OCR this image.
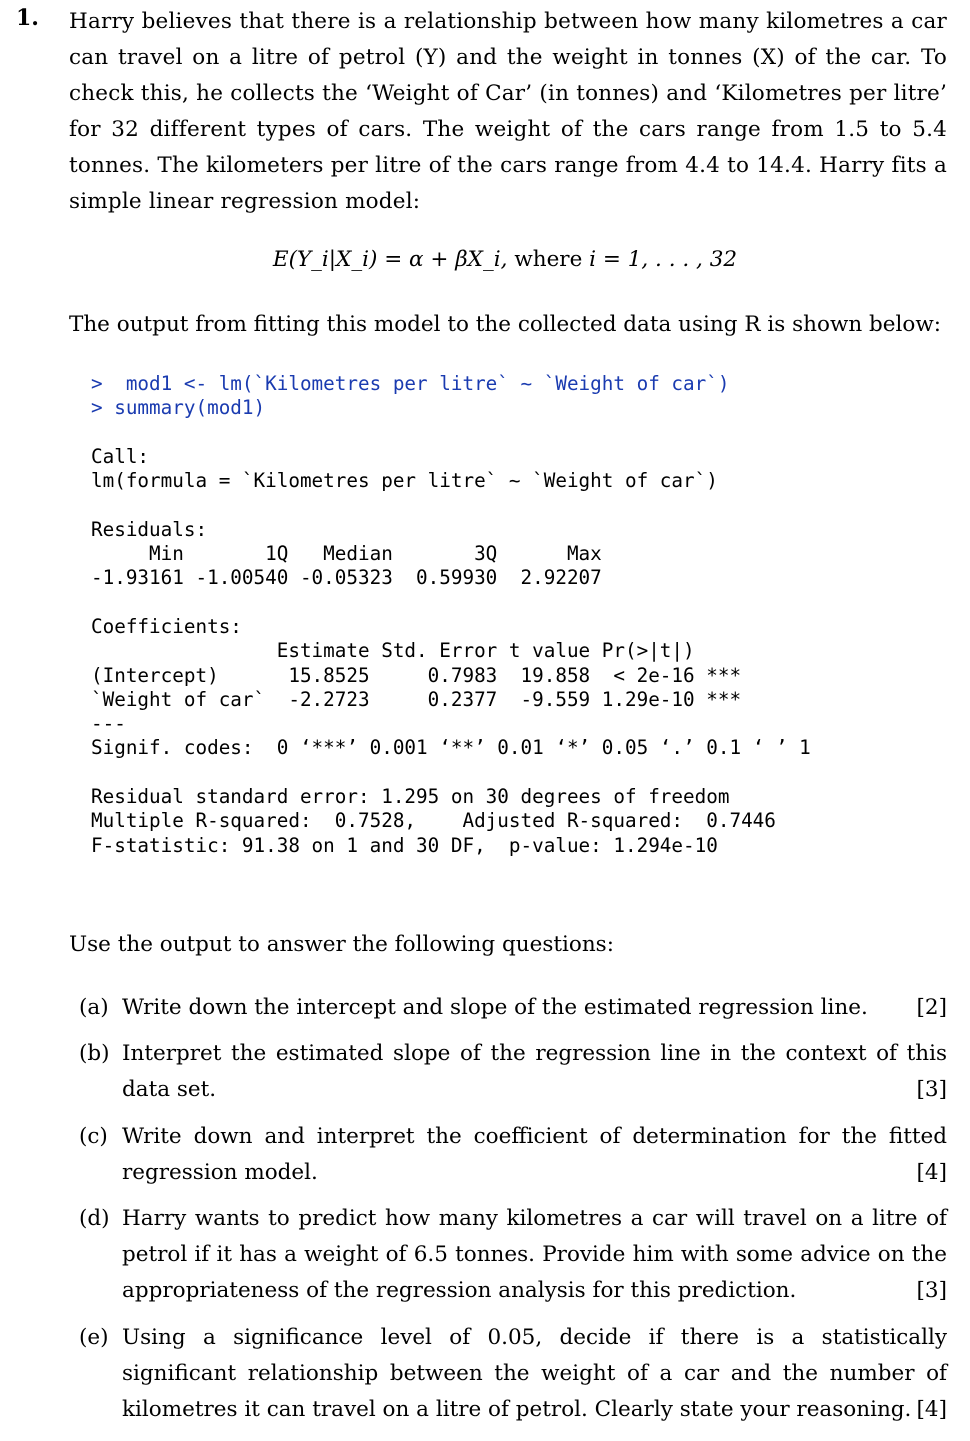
1. Harry believes that there is a relationship between how many kilometres a car can travel on a litre of petrol (Y) and the weight in tonnes (X) of the car. To check this, he collects the ‘Weight of Car’ (in tonnes) and ‘Kilometres per litre’ for 32 different types of cars. The weight of the cars range from 1.5 to 5.4 tonnes. The kilometers per litre of the cars range from 4.4 to 14.4. Harry fits a simple linear regression model:
E(Y_i|X_i) = α + βX_i, where i = 1, . . . , 32
The output from fitting this model to the collected data using R is shown below:
>  mod1 <- lm(`Kilometres per litre` ~ `Weight of car`)
> summary(mod1)

Call:
lm(formula = `Kilometres per litre` ~ `Weight of car`)

Residuals:
Min       1Q   Median       3Q      Max
-1.93161 -1.00540 -0.05323  0.59930  2.92207

Coefficients:
Estimate Std. Error t value Pr(>|t|)
(Intercept)      15.8525     0.7983  19.858  < 2e-16 ***
`Weight of car`  -2.2723     0.2377  -9.559 1.29e-10 ***
---
Signif. codes:  0 ‘***’ 0.001 ‘**’ 0.01 ‘*’ 0.05 ‘.’ 0.1 ‘ ’ 1

Residual standard error: 1.295 on 30 degrees of freedom
Multiple R-squared:  0.7528,	Adjusted R-squared:  0.7446
F-statistic: 91.38 on 1 and 30 DF,  p-value: 1.294e-10
Use the output to answer the following questions:
(a) Write down the intercept and slope of the estimated regression line. [2]
(b) Interpret the estimated slope of the regression line in the context of this data set.	[3]
(c) Write down and interpret the coefficient of determination for the fitted regression model.	[4]
(d) Harry wants to predict how many kilometres a car will travel on a litre of petrol if it has a weight of 6.5 tonnes. Provide him with some advice on the appropriateness of the regression analysis for this prediction.	[3]
(e) Using a significance level of 0.05, decide if there is a statistically significant relationship between the weight of a car and the number of kilometres it can travel on a litre of petrol. Clearly state your reasoning. [4]
